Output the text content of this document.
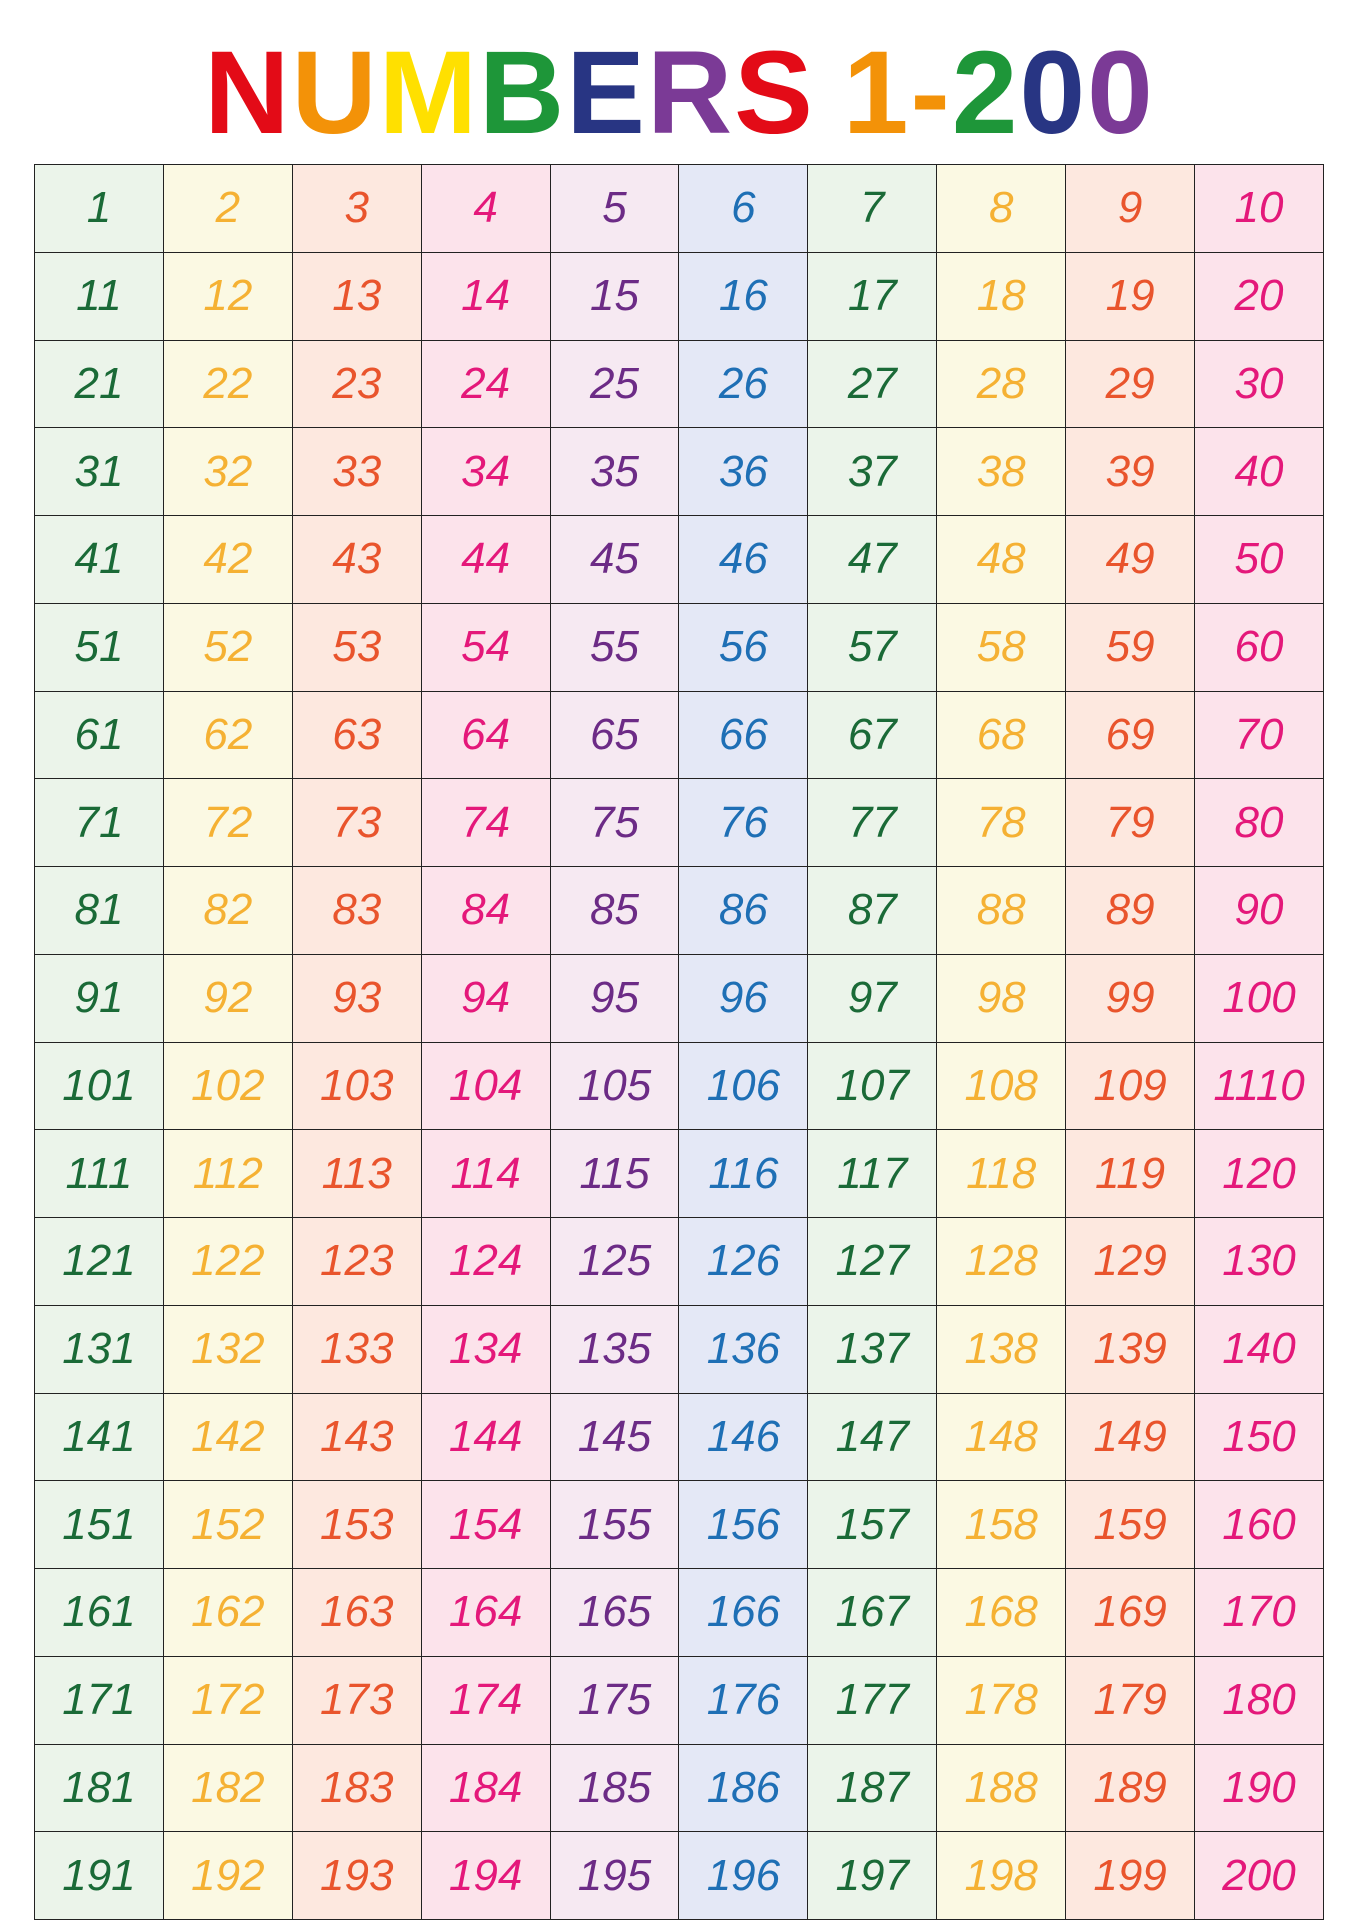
NUMBERS 1-200
1	2	3	4	5	6	7	8	9	10
11	12	13	14	15	16	17	18	19	20
21	22	23	24	25	26	27	28	29	30
31	32	33	34	35	36	37	38	39	40
41	42	43	44	45	46	47	48	49	50
51	52	53	54	55	56	57	58	59	60
61	62	63	64	65	66	67	68	69	70
71	72	73	74	75	76	77	78	79	80
81	82	83	84	85	86	87	88	89	90
91	92	93	94	95	96	97	98	99	100
101	102	103	104	105	106	107	108	109	1110
111	112	113	114	115	116	117	118	119	120
121	122	123	124	125	126	127	128	129	130
131	132	133	134	135	136	137	138	139	140
141	142	143	144	145	146	147	148	149	150
151	152	153	154	155	156	157	158	159	160
161	162	163	164	165	166	167	168	169	170
171	172	173	174	175	176	177	178	179	180
181	182	183	184	185	186	187	188	189	190
191	192	193	194	195	196	197	198	199	200
